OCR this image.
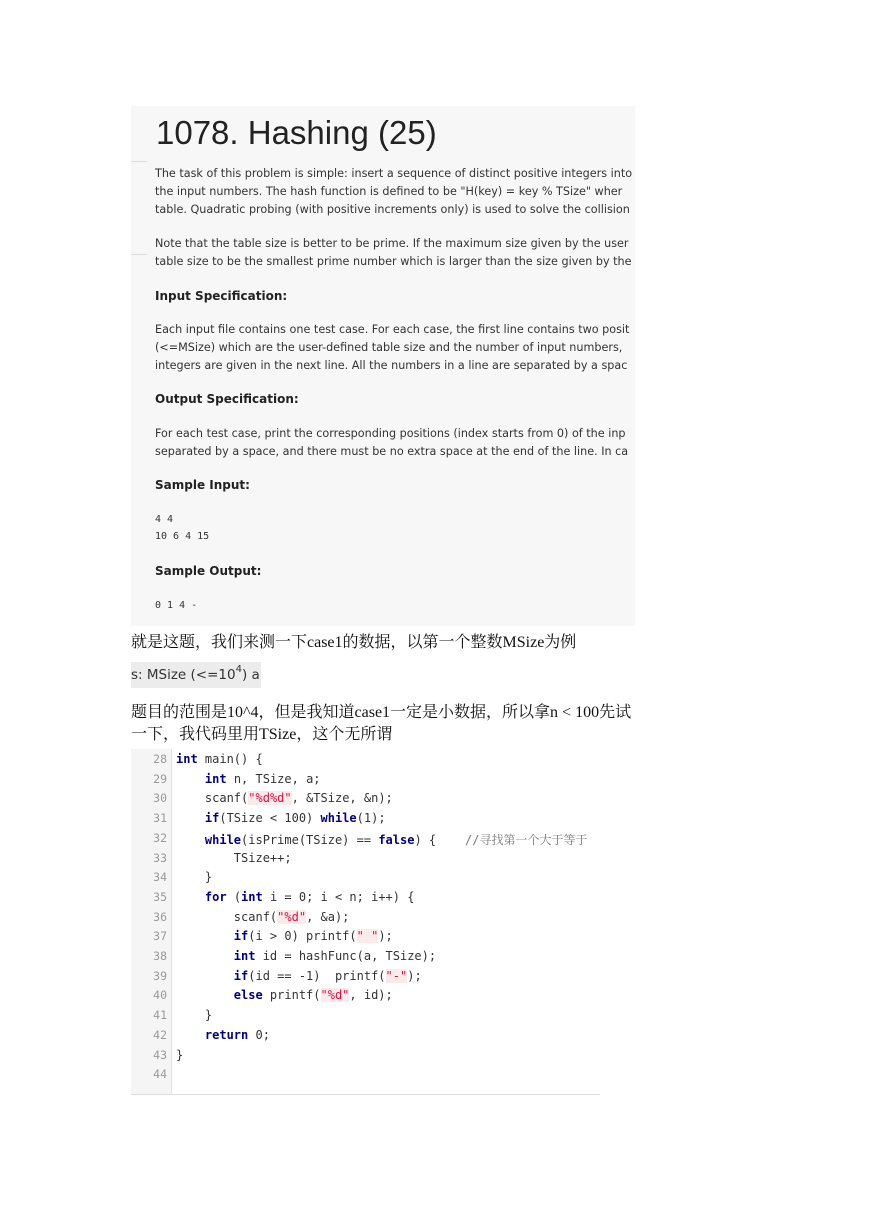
1078. Hashing (25)
The task of this problem is simple: insert a sequence of distinct positive integers into
the input numbers. The hash function is defined to be "H(key) = key % TSize" wher
table. Quadratic probing (with positive increments only) is used to solve the collision
Note that the table size is better to be prime. If the maximum size given by the user
table size to be the smallest prime number which is larger than the size given by the
Input Specification:
Each input file contains one test case. For each case, the first line contains two posit
(<=MSize) which are the user-defined table size and the number of input numbers,
integers are given in the next line. All the numbers in a line are separated by a spac
Output Specification:
For each test case, print the corresponding positions (index starts from 0) of the inp
separated by a space, and there must be no extra space at the end of the line. In ca
Sample Input:
4 4
10 6 4 15
Sample Output:
0 1 4 -
就是这题，我们来测一下case1的数据，以第一个整数MSize为例
s: MSize $(<=10^4)$ a
题目的范围是10^4，但是我知道case1一定是小数据，所以拿n < 100先试
一下，我代码里用TSize，这个无所谓
28 int main() {
29	int n, TSize, a;
30	scanf("%d%d", &TSize, &n);
31	if(TSize < 100) while(1);
32	while(isPrime(TSize) == false) {    //寻找第一个大于等于
33	TSize++;
34	}
35	for (int i = 0; i < n; i++) {
36	scanf("%d", &a);
37	if(i > 0) printf(" ");
38	int id = hashFunc(a, TSize);
39	if(id == -1)  printf("-");
40	else printf("%d", id);
41	}
42	return 0;
43 }
44
